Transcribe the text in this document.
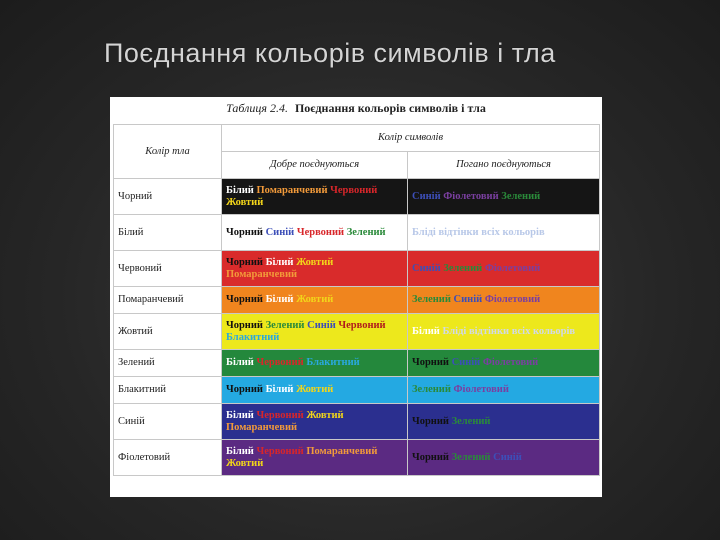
Поєднання кольорів символів і тла
Таблиця 2.4. Поєднання кольорів символів і тла
Колір тла	Колір символів	
	Добре поєднуються	Погано поєднуються
Чорний	Білий Помаранчевий Червоний Жовтий	Синій Фіолетовий Зелений
Білий	Чорний Синій Червоний Зелений	Бліді відтінки всіх кольорів
Червоний	Чорний Білий Жовтий Помаранчевий	Синій Зелений Фіолетовий
Помаранчевий	Чорний Білий Жовтий	Зелений Синій Фіолетовий
Жовтий	Чорний Зелений Синій Червоний Блакитний	Білий Бліді відтінки всіх кольорів
Зелений	Білий Червоний Блакитний	Чорний Синій Фіолетовий
Блакитний	Чорний Білий Жовтий	Зелений Фіолетовий
Синій	Білий Червоний Жовтий Помаранчевий	Чорний Зелений
Фіолетовий	Білий Червоний Помаранчевий Жовтий	Чорний Зелений Синій
